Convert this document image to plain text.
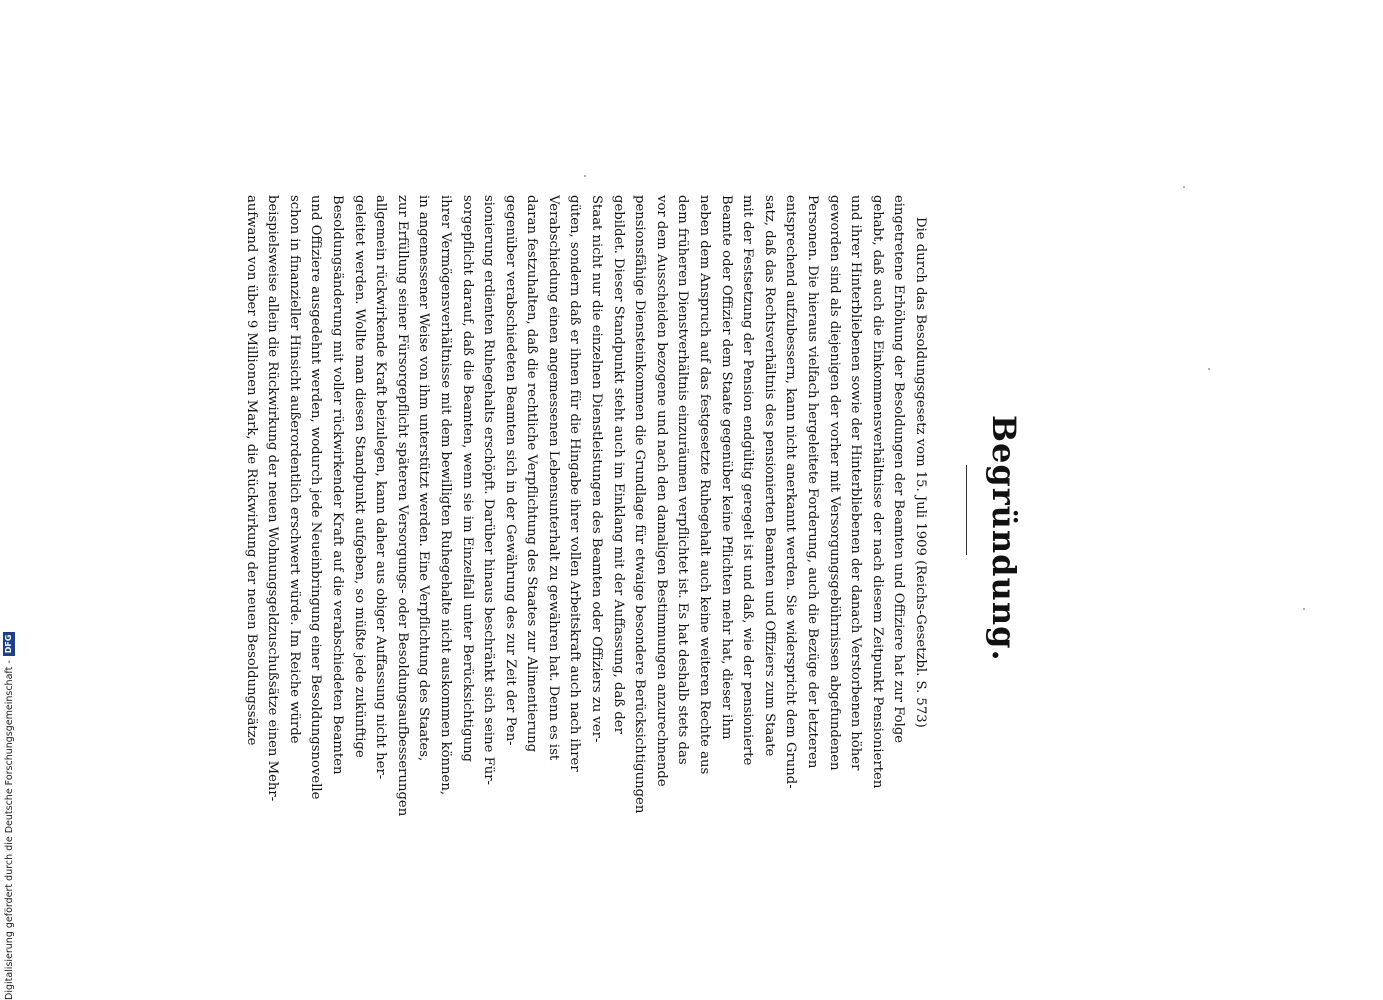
Begründung.
Die durch das Besoldungsgesetz vom 15. Juli 1909 (Reichs-Gesetzbl. S. 573)
eingetretene Erhöhung der Besoldungen der Beamten und Offiziere hat zur Folge
gehabt, daß auch die Einkommensverhältnisse der nach diesem Zeitpunkt Pensionierten
und ihrer Hinterbliebenen sowie der Hinterbliebenen der danach Verstorbenen höher
geworden sind als diejenigen der vorher mit Versorgungsgebührnissen abgefundenen
Personen. Die hieraus vielfach hergeleitete Forderung, auch die Bezüge der letzteren
entsprechend aufzubessern, kann nicht anerkannt werden. Sie widerspricht dem Grund-
satz, daß das Rechtsverhältnis des pensionierten Beamten und Offiziers zum Staate
mit der Festsetzung der Pension endgültig geregelt ist und daß, wie der pensionierte
Beamte oder Offizier dem Staate gegenüber keine Pflichten mehr hat, dieser ihm
neben dem Anspruch auf das festgesetzte Ruhegehalt auch keine weiteren Rechte aus
dem früheren Dienstverhältnis einzuräumen verpflichtet ist. Es hat deshalb stets das
vor dem Ausscheiden bezogene und nach den damaligen Bestimmungen anzurechnende
pensionsfähige Diensteinkommen die Grundlage für etwaige besondere Berücksichtigungen
gebildet. Dieser Standpunkt steht auch im Einklang mit der Auffassung, daß der
Staat nicht nur die einzelnen Dienstleistungen des Beamten oder Offiziers zu ver-
güten, sondern daß er ihnen für die Hingabe ihrer vollen Arbeitskraft auch nach ihrer
Verabschiedung einen angemessenen Lebensunterhalt zu gewähren hat. Denn es ist
daran festzuhalten, daß die rechtliche Verpflichtung des Staates zur Alimentierung
gegenüber verabschiedeten Beamten sich in der Gewährung des zur Zeit der Pen-
sionierung erdienten Ruhegehalts erschöpft. Darüber hinaus beschränkt sich seine Für-
sorgepflicht darauf, daß die Beamten, wenn sie im Einzelfall unter Berücksichtigung
ihrer Vermögensverhältnisse mit dem bewilligten Ruhegehalte nicht auskommen können,
in angemessener Weise von ihm unterstützt werden. Eine Verpflichtung des Staates,
zur Erfüllung seiner Fürsorgepflicht späteren Versorgungs- oder Besoldungsaufbesserungen
allgemein rückwirkende Kraft beizulegen, kann daher aus obiger Auffassung nicht her-
geleitet werden. Wollte man diesen Standpunkt aufgeben, so müßte jede zukünftige
Besoldungsänderung mit voller rückwirkender Kraft auf die verabschiedeten Beamten
und Offiziere ausgedehnt werden, wodurch jede Neueinbringung einer Besoldungsnovelle
schon in finanzieller Hinsicht außerordentlich erschwert würde. Im Reiche würde
beispielsweise allein die Rückwirkung der neuen Wohnungsgeldzuschußsätze einen Mehr-
aufwand von über 9 Millionen Mark, die Rückwirkung der neuen Besoldungssätze
Digitalisierung gefördert durch die Deutsche Forschungsgemeinschaft -
DFG
